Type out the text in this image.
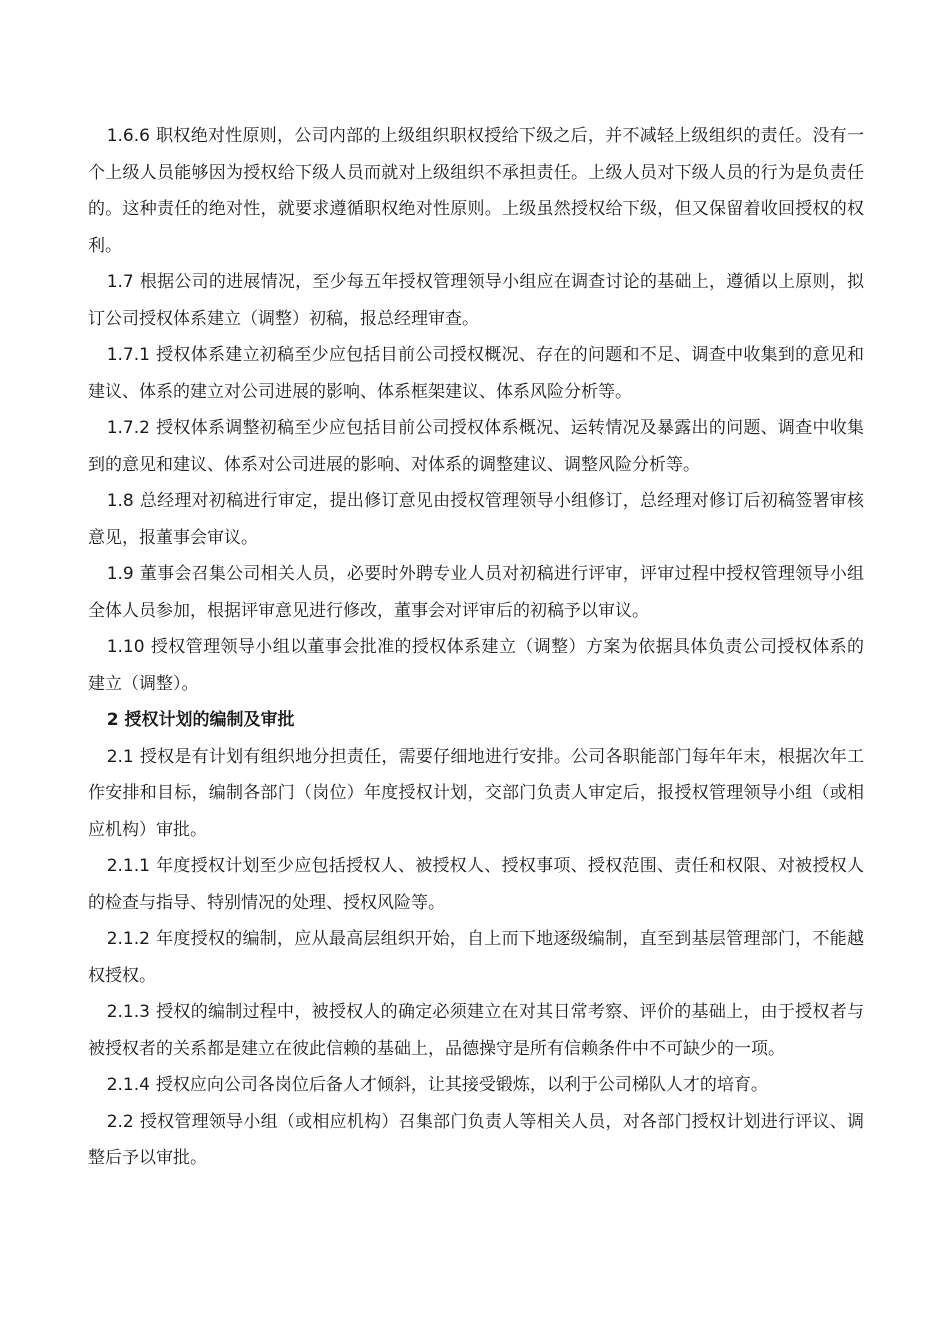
1.6.6 职权绝对性原则，公司内部的上级组织职权授给下级之后，并不减轻上级组织的责任。没有一个上级人员能够因为授权给下级人员而就对上级组织不承担责任。上级人员对下级人员的行为是负责任的。这种责任的绝对性，就要求遵循职权绝对性原则。上级虽然授权给下级，但又保留着收回授权的权利。

1.7 根据公司的进展情况，至少每五年授权管理领导小组应在调查讨论的基础上，遵循以上原则，拟订公司授权体系建立（调整）初稿，报总经理审查。

1.7.1 授权体系建立初稿至少应包括目前公司授权概况、存在的问题和不足、调查中收集到的意见和建议、体系的建立对公司进展的影响、体系框架建议、体系风险分析等。

1.7.2 授权体系调整初稿至少应包括目前公司授权体系概况、运转情况及暴露出的问题、调查中收集到的意见和建议、体系对公司进展的影响、对体系的调整建议、调整风险分析等。

1.8 总经理对初稿进行审定，提出修订意见由授权管理领导小组修订，总经理对修订后初稿签署审核意见，报董事会审议。

1.9 董事会召集公司相关人员，必要时外聘专业人员对初稿进行评审，评审过程中授权管理领导小组全体人员参加，根据评审意见进行修改，董事会对评审后的初稿予以审议。

1.10 授权管理领导小组以董事会批准的授权体系建立（调整）方案为依据具体负责公司授权体系的建立（调整）。

2 授权计划的编制及审批

2.1 授权是有计划有组织地分担责任，需要仔细地进行安排。公司各职能部门每年年末，根据次年工作安排和目标，编制各部门（岗位）年度授权计划，交部门负责人审定后，报授权管理领导小组（或相应机构）审批。

2.1.1 年度授权计划至少应包括授权人、被授权人、授权事项、授权范围、责任和权限、对被授权人的检查与指导、特别情况的处理、授权风险等。

2.1.2 年度授权的编制，应从最高层组织开始，自上而下地逐级编制，直至到基层管理部门，不能越权授权。

2.1.3 授权的编制过程中，被授权人的确定必须建立在对其日常考察、评价的基础上，由于授权者与被授权者的关系都是建立在彼此信赖的基础上，品德操守是所有信赖条件中不可缺少的一项。

2.1.4 授权应向公司各岗位后备人才倾斜，让其接受锻炼，以利于公司梯队人才的培育。

2.2 授权管理领导小组（或相应机构）召集部门负责人等相关人员，对各部门授权计划进行评议、调整后予以审批。
